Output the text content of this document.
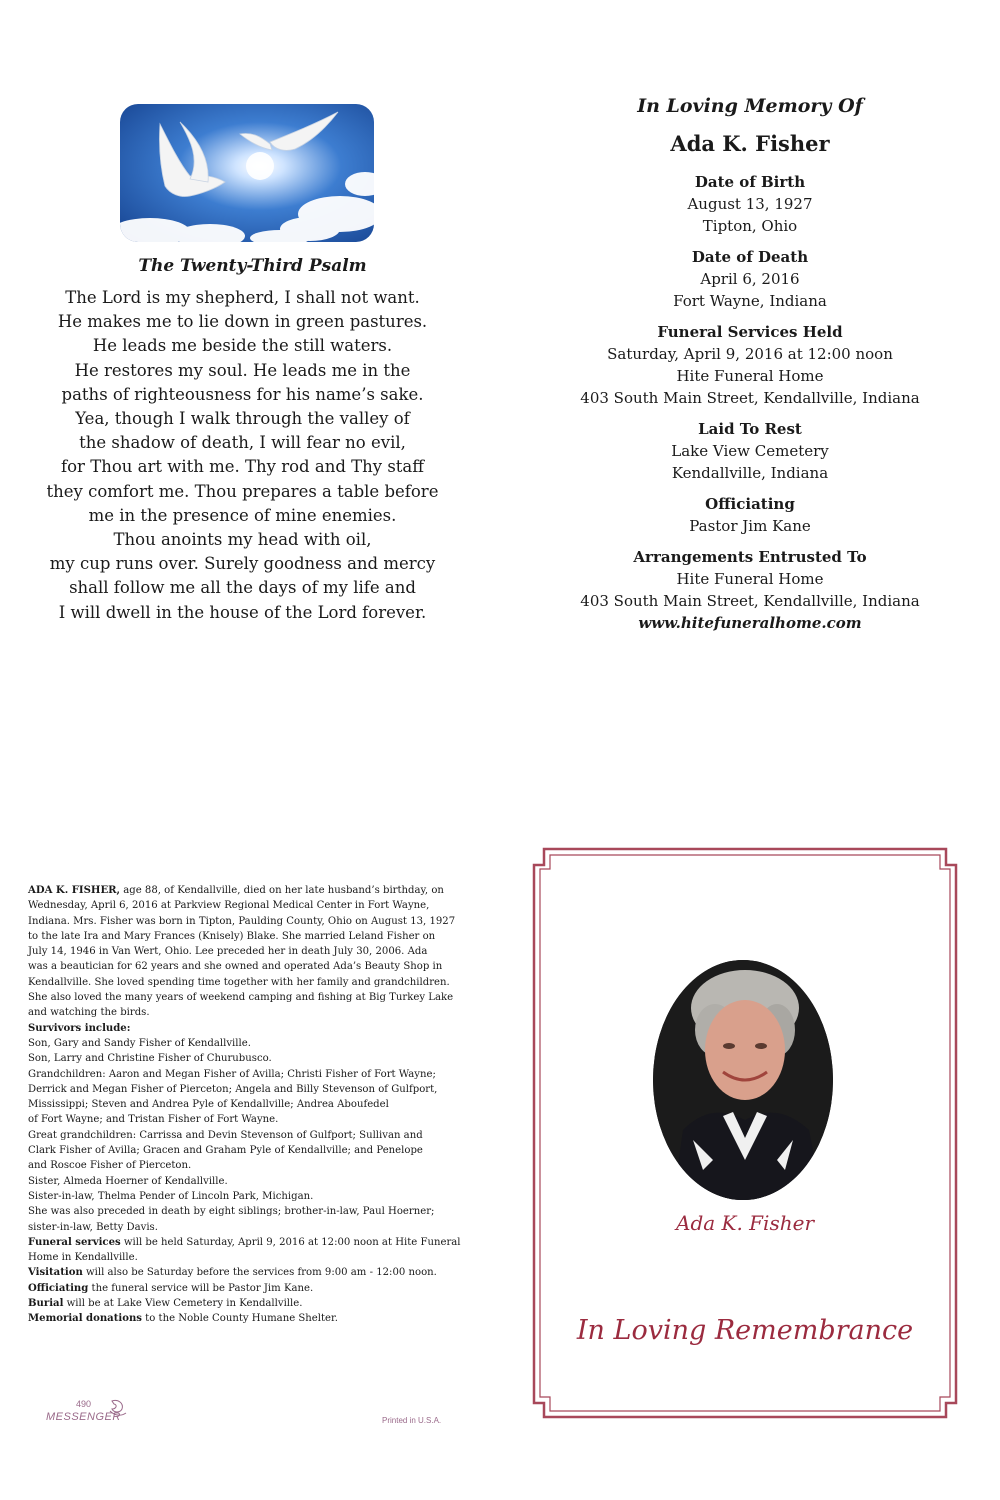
The Twenty-Third Psalm
The Lord is my shepherd, I shall not want.
He makes me to lie down in green pastures.
He leads me beside the still waters.
He restores my soul. He leads me in the
paths of righteousness for his name’s sake.
Yea, though I walk through the valley of
the shadow of death, I will fear no evil,
for Thou art with me. Thy rod and Thy staff
they comfort me. Thou prepares a table before
me in the presence of mine enemies.
Thou anoints my head with oil,
my cup runs over. Surely goodness and mercy
shall follow me all the days of my life and
I will dwell in the house of the Lord forever.
In Loving Memory Of
Ada K. Fisher
Date of Birth
August 13, 1927
Tipton, Ohio
Date of Death
April 6, 2016
Fort Wayne, Indiana
Funeral Services Held
Saturday, April 9, 2016 at 12:00 noon
Hite Funeral Home
403 South Main Street, Kendallville, Indiana
Laid To Rest
Lake View Cemetery
Kendallville, Indiana
Officiating
Pastor Jim Kane
Arrangements Entrusted To
Hite Funeral Home
403 South Main Street, Kendallville, Indiana
www.hitefuneralhome.com
ADA K. FISHER, age 88, of Kendallville, died on her late husband’s birthday, on
Wednesday, April 6, 2016 at Parkview Regional Medical Center in Fort Wayne,
Indiana. Mrs. Fisher was born in Tipton, Paulding County, Ohio on August 13, 1927
to the late Ira and Mary Frances (Knisely) Blake. She married Leland Fisher on
July 14, 1946 in Van Wert, Ohio. Lee preceded her in death July 30, 2006. Ada
was a beautician for 62 years and she owned and operated Ada’s Beauty Shop in
Kendallville. She loved spending time together with her family and grandchildren.
She also loved the many years of weekend camping and fishing at Big Turkey Lake
and watching the birds.
Survivors include:
Son, Gary and Sandy Fisher of Kendallville.
Son, Larry and Christine Fisher of Churubusco.
Grandchildren: Aaron and Megan Fisher of Avilla; Christi Fisher of Fort Wayne;
Derrick and Megan Fisher of Pierceton; Angela and Billy Stevenson of Gulfport,
Mississippi; Steven and Andrea Pyle of Kendallville; Andrea Aboufedel
of Fort Wayne; and Tristan Fisher of Fort Wayne.
Great grandchildren: Carrissa and Devin Stevenson of Gulfport; Sullivan and
Clark Fisher of Avilla; Gracen and Graham Pyle of Kendallville; and Penelope
and Roscoe Fisher of Pierceton.
Sister, Almeda Hoerner of Kendallville.
Sister-in-law, Thelma Pender of Lincoln Park, Michigan.
She was also preceded in death by eight siblings; brother-in-law, Paul Hoerner;
sister-in-law, Betty Davis.
Funeral services will be held Saturday, April 9, 2016 at 12:00 noon at Hite Funeral
Home in Kendallville.
Visitation will also be Saturday before the services from 9:00 am - 12:00 noon.
Officiating the funeral service will be Pastor Jim Kane.
Burial will be at Lake View Cemetery in Kendallville.
Memorial donations to the Noble County Humane Shelter.
490
MESSENGER	Printed in U.S.A.
Ada K. Fisher
In Loving Remembrance
